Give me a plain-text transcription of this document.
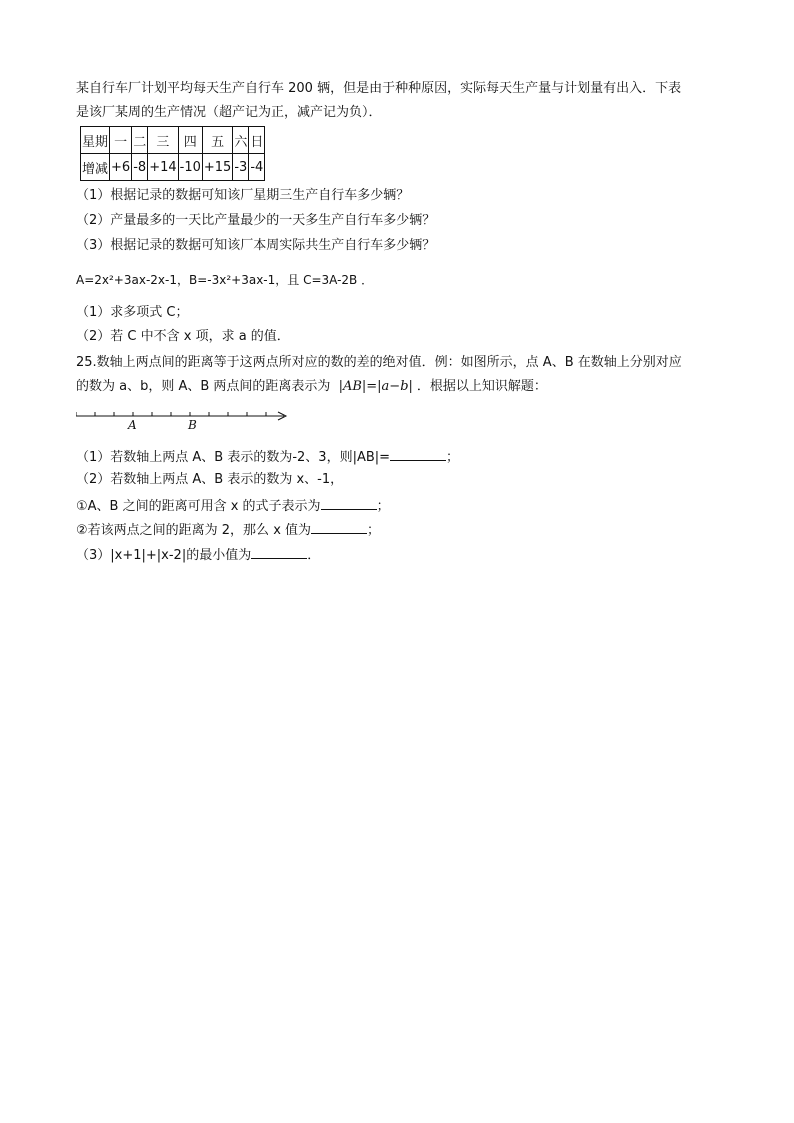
某自行车厂计划平均每天生产自行车 200 辆，但是由于种种原因，实际每天生产量与计划量有出入．下表
是该厂某周的生产情况（超产记为正，减产记为负）．
星期	一	二	三	四	五	六	日
增减	+6	-8	+14	-10	+15	-3	-4
（1）根据记录的数据可知该厂星期三生产自行车多少辆？
（2）产量最多的一天比产量最少的一天多生产自行车多少辆？
（3）根据记录的数据可知该厂本周实际共生产自行车多少辆？
A=2x²+3ax-2x-1，B=-3x²+3ax-1，且 C=3A-2B ．
（1）求多项式 C；
（2）若 C 中不含 x 项，求 a 的值．
25.数轴上两点间的距离等于这两点所对应的数的差的绝对值．例：如图所示，点 A、B 在数轴上分别对应
的数为 a、b，则 A、B 两点间的距离表示为 |AB|=|a−b| ．根据以上知识解题：
A	B
（1）若数轴上两点 A、B 表示的数为-2、3，则|AB|=	；
（2）若数轴上两点 A、B 表示的数为 x、-1，
①A、B 之间的距离可用含 x 的式子表示为	；
②若该两点之间的距离为 2，那么 x 值为	；
（3）|x+1|+|x-2|的最小值为	．
